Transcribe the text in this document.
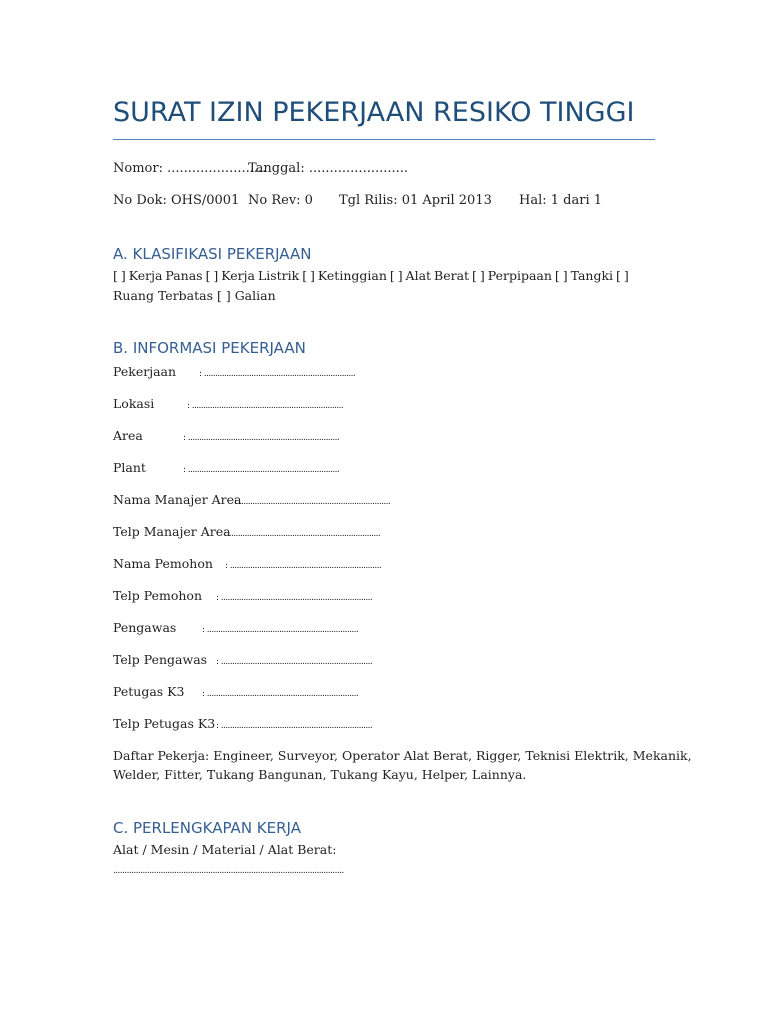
SURAT IZIN PEKERJAAN RESIKO TINGGI
Nomor: ........................
Tanggal: ........................
No Dok: OHS/0001 No Rev: 0 Tgl Rilis: 01 April 2013 Hal: 1 dari 1
A. KLASIFIKASI PEKERJAAN
[ ] Kerja Panas [ ] Kerja Listrik [ ] Ketinggian [ ] Alat Berat [ ] Perpipaan [ ] Tangki [ ]
Ruang Terbatas [ ] Galian
B. INFORMASI PEKERJAAN
Pekerjaan	: ...................................................................
Lokasi	: ...................................................................
Area	: ...................................................................
Plant	: ...................................................................
Nama Manajer Area
: ...................................................................
Telp Manajer Area
: ...................................................................
Nama Pemohon : ...................................................................
Telp Pemohon : ...................................................................
Pengawas	: ...................................................................
Telp Pengawas : ...................................................................
Petugas K3 : ...................................................................
Telp Petugas K3 : ...................................................................
Daftar Pekerja: Engineer, Surveyor, Operator Alat Berat, Rigger, Teknisi Elektrik, Mekanik,
Welder, Fitter, Tukang Bangunan, Tukang Kayu, Helper, Lainnya.
C. PERLENGKAPAN KERJA
Alat / Mesin / Material / Alat Berat:
......................................................................................................
